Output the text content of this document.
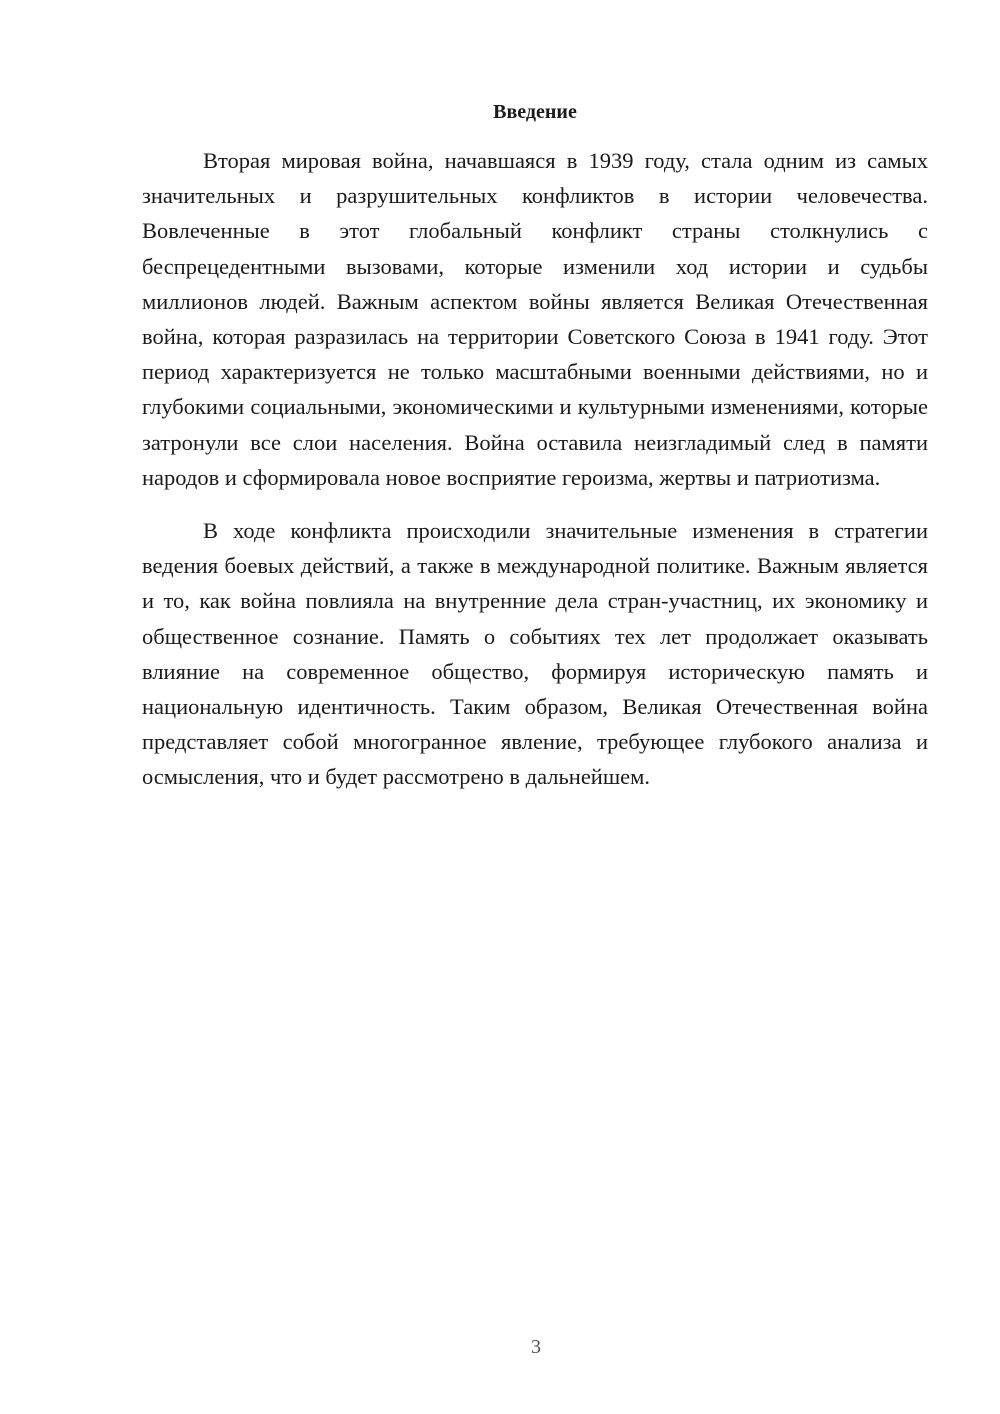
Введение

Вторая мировая война, начавшаяся в 1939 году, стала одним из самых значительных и разрушительных конфликтов в истории человечества. Вовлеченные в этот глобальный конфликт страны столкнулись с беспрецедентными вызовами, которые изменили ход истории и судьбы миллионов людей. Важным аспектом войны является Великая Отечественная война, которая разразилась на территории Советского Союза в 1941 году. Этот период характеризуется не только масштабными военными действиями, но и глубокими социальными, экономическими и культурными изменениями, которые затронули все слои населения. Война оставила неизгладимый след в памяти народов и сформировала новое восприятие героизма, жертвы и патриотизма.

В ходе конфликта происходили значительные изменения в стратегии ведения боевых действий, а также в международной политике. Важным является и то, как война повлияла на внутренние дела стран-участниц, их экономику и общественное сознание. Память о событиях тех лет продолжает оказывать влияние на современное общество, формируя историческую память и национальную идентичность. Таким образом, Великая Отечественная война представляет собой многогранное явление, требующее глубокого анализа и осмысления, что и будет рассмотрено в дальнейшем.

3
